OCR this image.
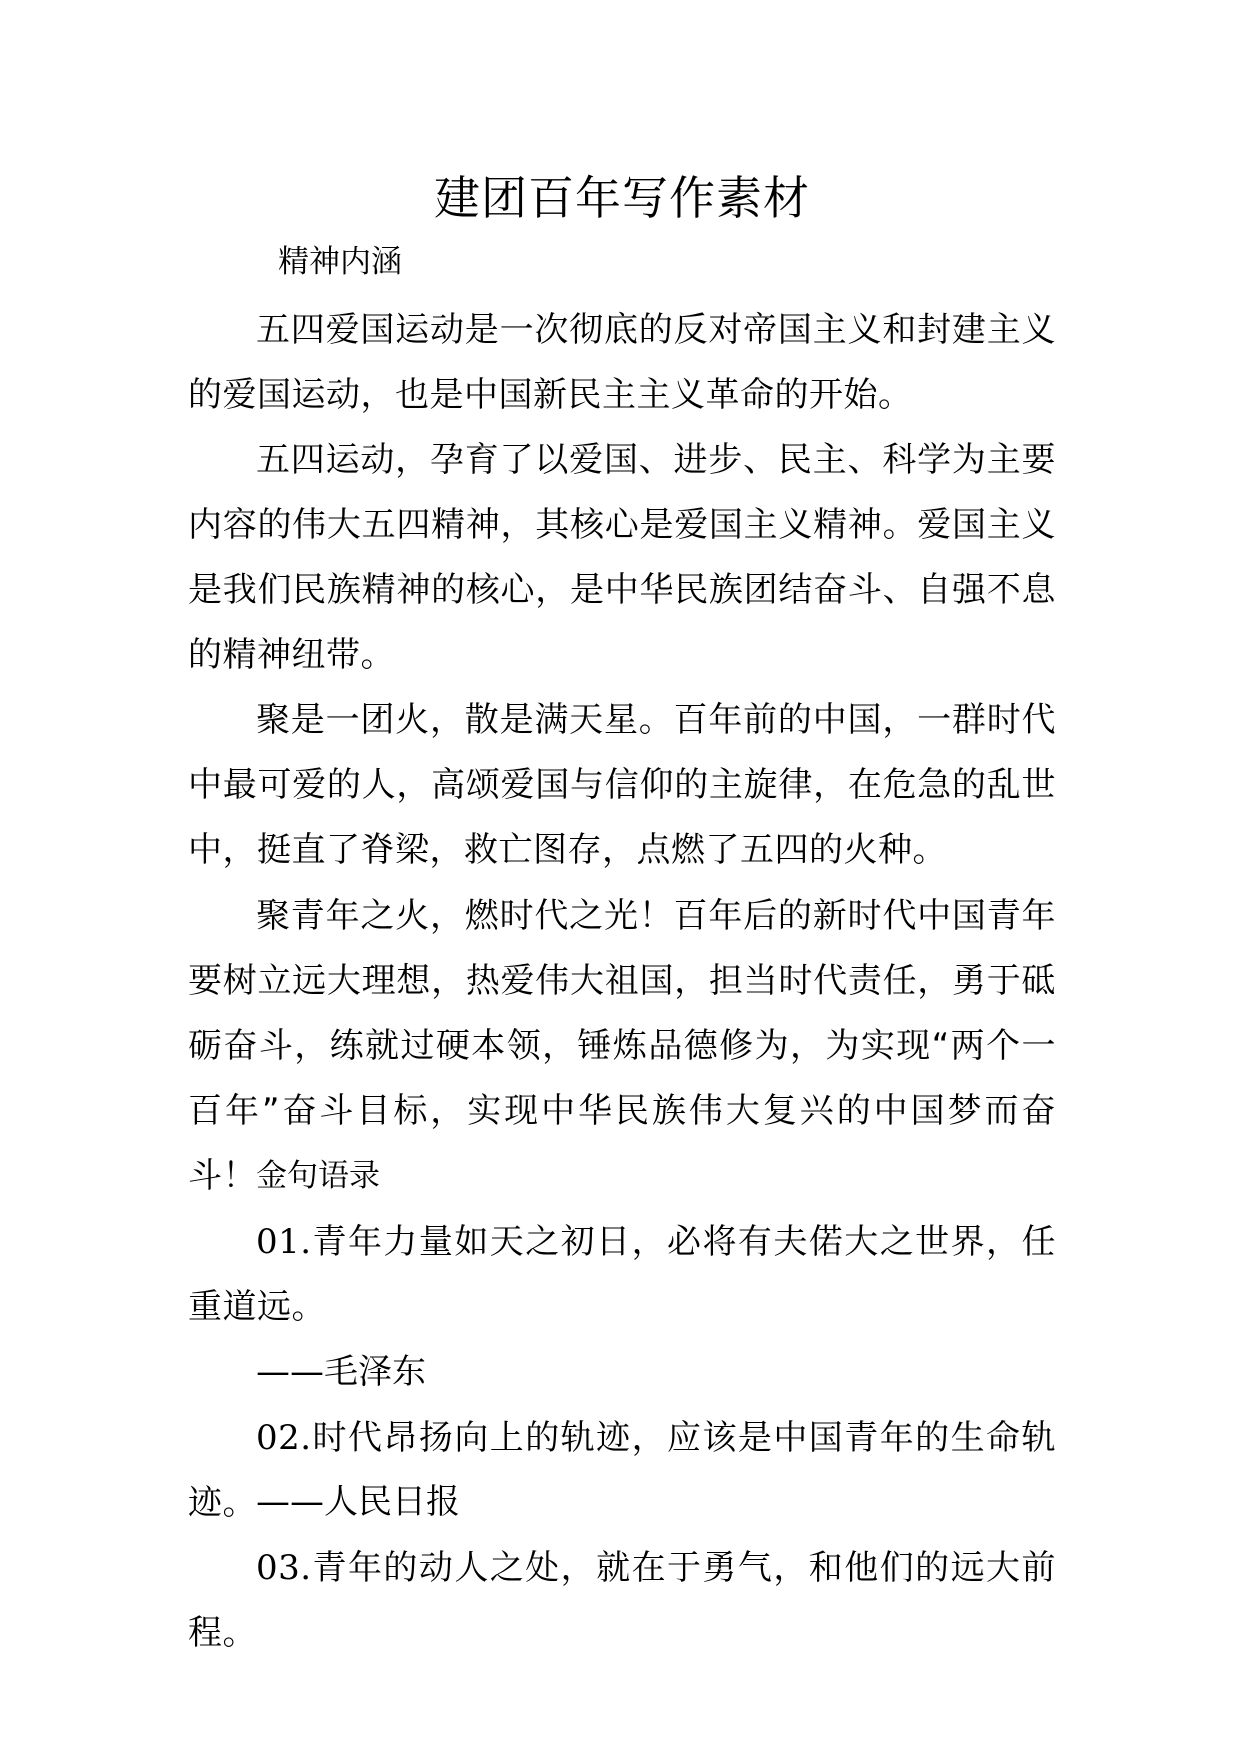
建团百年写作素材
精神内涵

五四爱国运动是一次彻底的反对帝国主义和封建主义的爱国运动，也是中国新民主主义革命的开始。

五四运动，孕育了以爱国、进步、民主、科学为主要内容的伟大五四精神，其核心是爱国主义精神。爱国主义是我们民族精神的核心，是中华民族团结奋斗、自强不息的精神纽带。

聚是一团火，散是满天星。百年前的中国，一群时代中最可爱的人，高颂爱国与信仰的主旋律，在危急的乱世中，挺直了脊梁，救亡图存，点燃了五四的火种。

聚青年之火，燃时代之光！百年后的新时代中国青年要树立远大理想，热爱伟大祖国，担当时代责任，勇于砥砺奋斗，练就过硬本领，锤炼品德修为，为实现“两个一百年”奋斗目标，实现中华民族伟大复兴的中国梦而奋斗！ 金句语录

01.青年力量如天之初日，必将有夫偌大之世界，任重道远。

——毛泽东

02.时代昂扬向上的轨迹，应该是中国青年的生命轨迹。 ——人民日报

03.青年的动人之处，就在于勇气，和他们的远大前程。
